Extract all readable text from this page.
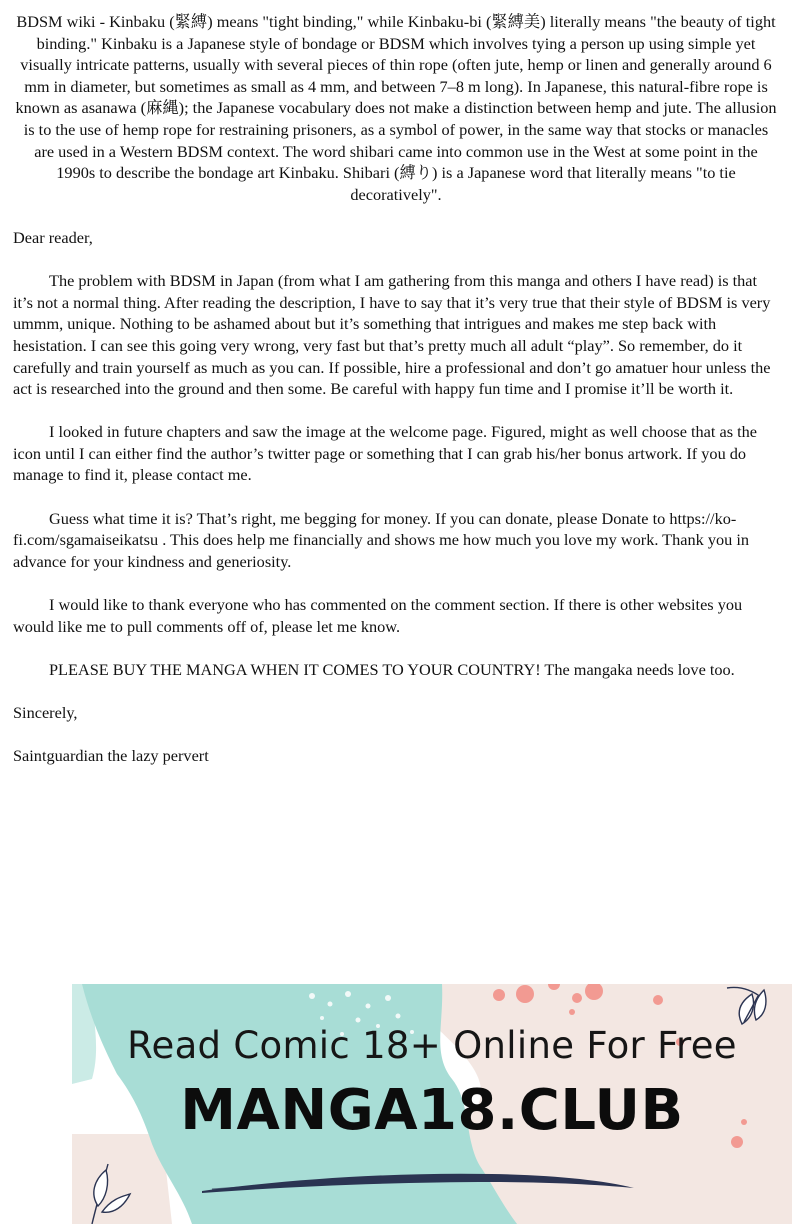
BDSM wiki - Kinbaku (緊縛) means "tight binding," while Kinbaku-bi (緊縛美) literally means "the beauty of tight binding." Kinbaku is a Japanese style of bondage or BDSM which involves tying a person up using simple yet visually intricate patterns, usually with several pieces of thin rope (often jute, hemp or linen and generally around 6 mm in diameter, but sometimes as small as 4 mm, and between 7–8 m long). In Japanese, this natural-fibre rope is known as asanawa (麻縄); the Japanese vocabulary does not make a distinction between hemp and jute. The allusion is to the use of hemp rope for restraining prisoners, as a symbol of power, in the same way that stocks or manacles are used in a Western BDSM context. The word shibari came into common use in the West at some point in the 1990s to describe the bondage art Kinbaku. Shibari (縛り) is a Japanese word that literally means "to tie decoratively".

Dear reader,

The problem with BDSM in Japan (from what I am gathering from this manga and others I have read) is that it’s not a normal thing. After reading the description, I have to say that it’s very true that their style of BDSM is very ummm, unique. Nothing to be ashamed about but it’s something that intrigues and makes me step back with hesistation. I can see this going very wrong, very fast but that’s pretty much all adult “play”. So remember, do it carefully and train yourself as much as you can. If possible, hire a professional and don’t go amatuer hour unless the act is researched into the ground and then some. Be careful with happy fun time and I promise it’ll be worth it.

I looked in future chapters and saw the image at the welcome page. Figured, might as well choose that as the icon until I can either find the author’s twitter page or something that I can grab his/her bonus artwork. If you do manage to find it, please contact me.

Guess what time it is? That’s right, me begging for money. If you can donate, please Donate to https://ko-fi.com/sgamaiseikatsu . This does help me financially and shows me how much you love my work. Thank you in advance for your kindness and generiosity.

I would like to thank everyone who has commented on the comment section. If there is other websites you would like me to pull comments off of, please let me know.

PLEASE BUY THE MANGA WHEN IT COMES TO YOUR COUNTRY! The mangaka needs love too.

Sincerely,

Saintguardian the lazy pervert

Read Comic 18+ Online For Free
MANGA18.CLUB
